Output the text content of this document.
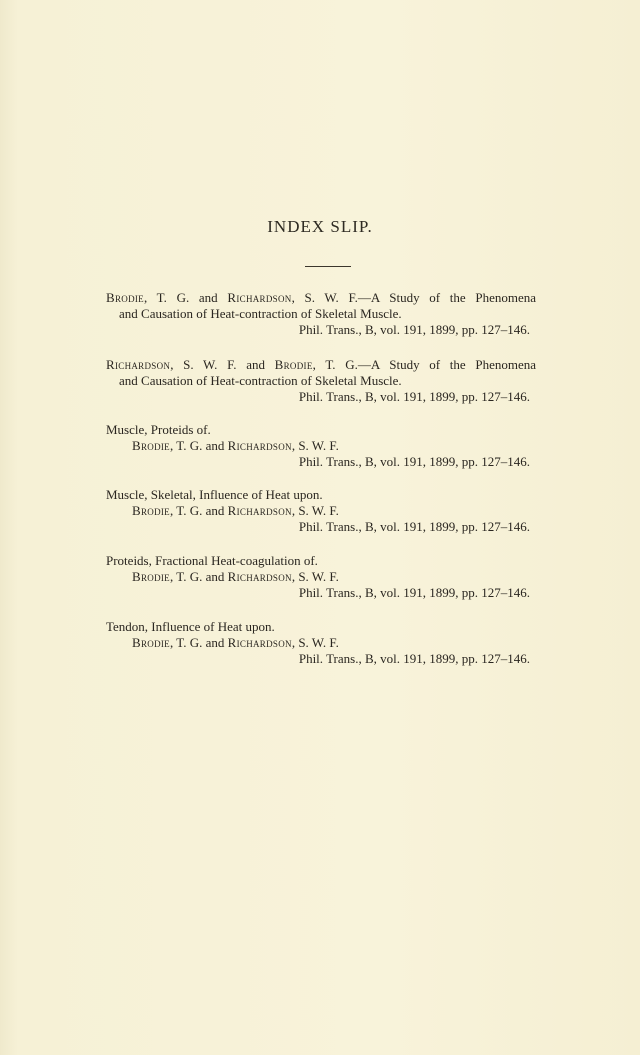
INDEX SLIP.
Brodie, T. G. and Richardson, S. W. F.—A Study of the Phenomena
and Causation of Heat-contraction of Skeletal Muscle.
Phil. Trans., B, vol. 191, 1899, pp. 127–146.
Richardson, S. W. F. and Brodie, T. G.—A Study of the Phenomena
and Causation of Heat-contraction of Skeletal Muscle.
Phil. Trans., B, vol. 191, 1899, pp. 127–146.
Muscle, Proteids of.
Brodie, T. G. and Richardson, S. W. F.
Phil. Trans., B, vol. 191, 1899, pp. 127–146.
Muscle, Skeletal, Influence of Heat upon.
Brodie, T. G. and Richardson, S. W. F.
Phil. Trans., B, vol. 191, 1899, pp. 127–146.
Proteids, Fractional Heat-coagulation of.
Brodie, T. G. and Richardson, S. W. F.
Phil. Trans., B, vol. 191, 1899, pp. 127–146.
Tendon, Influence of Heat upon.
Brodie, T. G. and Richardson, S. W. F.
Phil. Trans., B, vol. 191, 1899, pp. 127–146.
